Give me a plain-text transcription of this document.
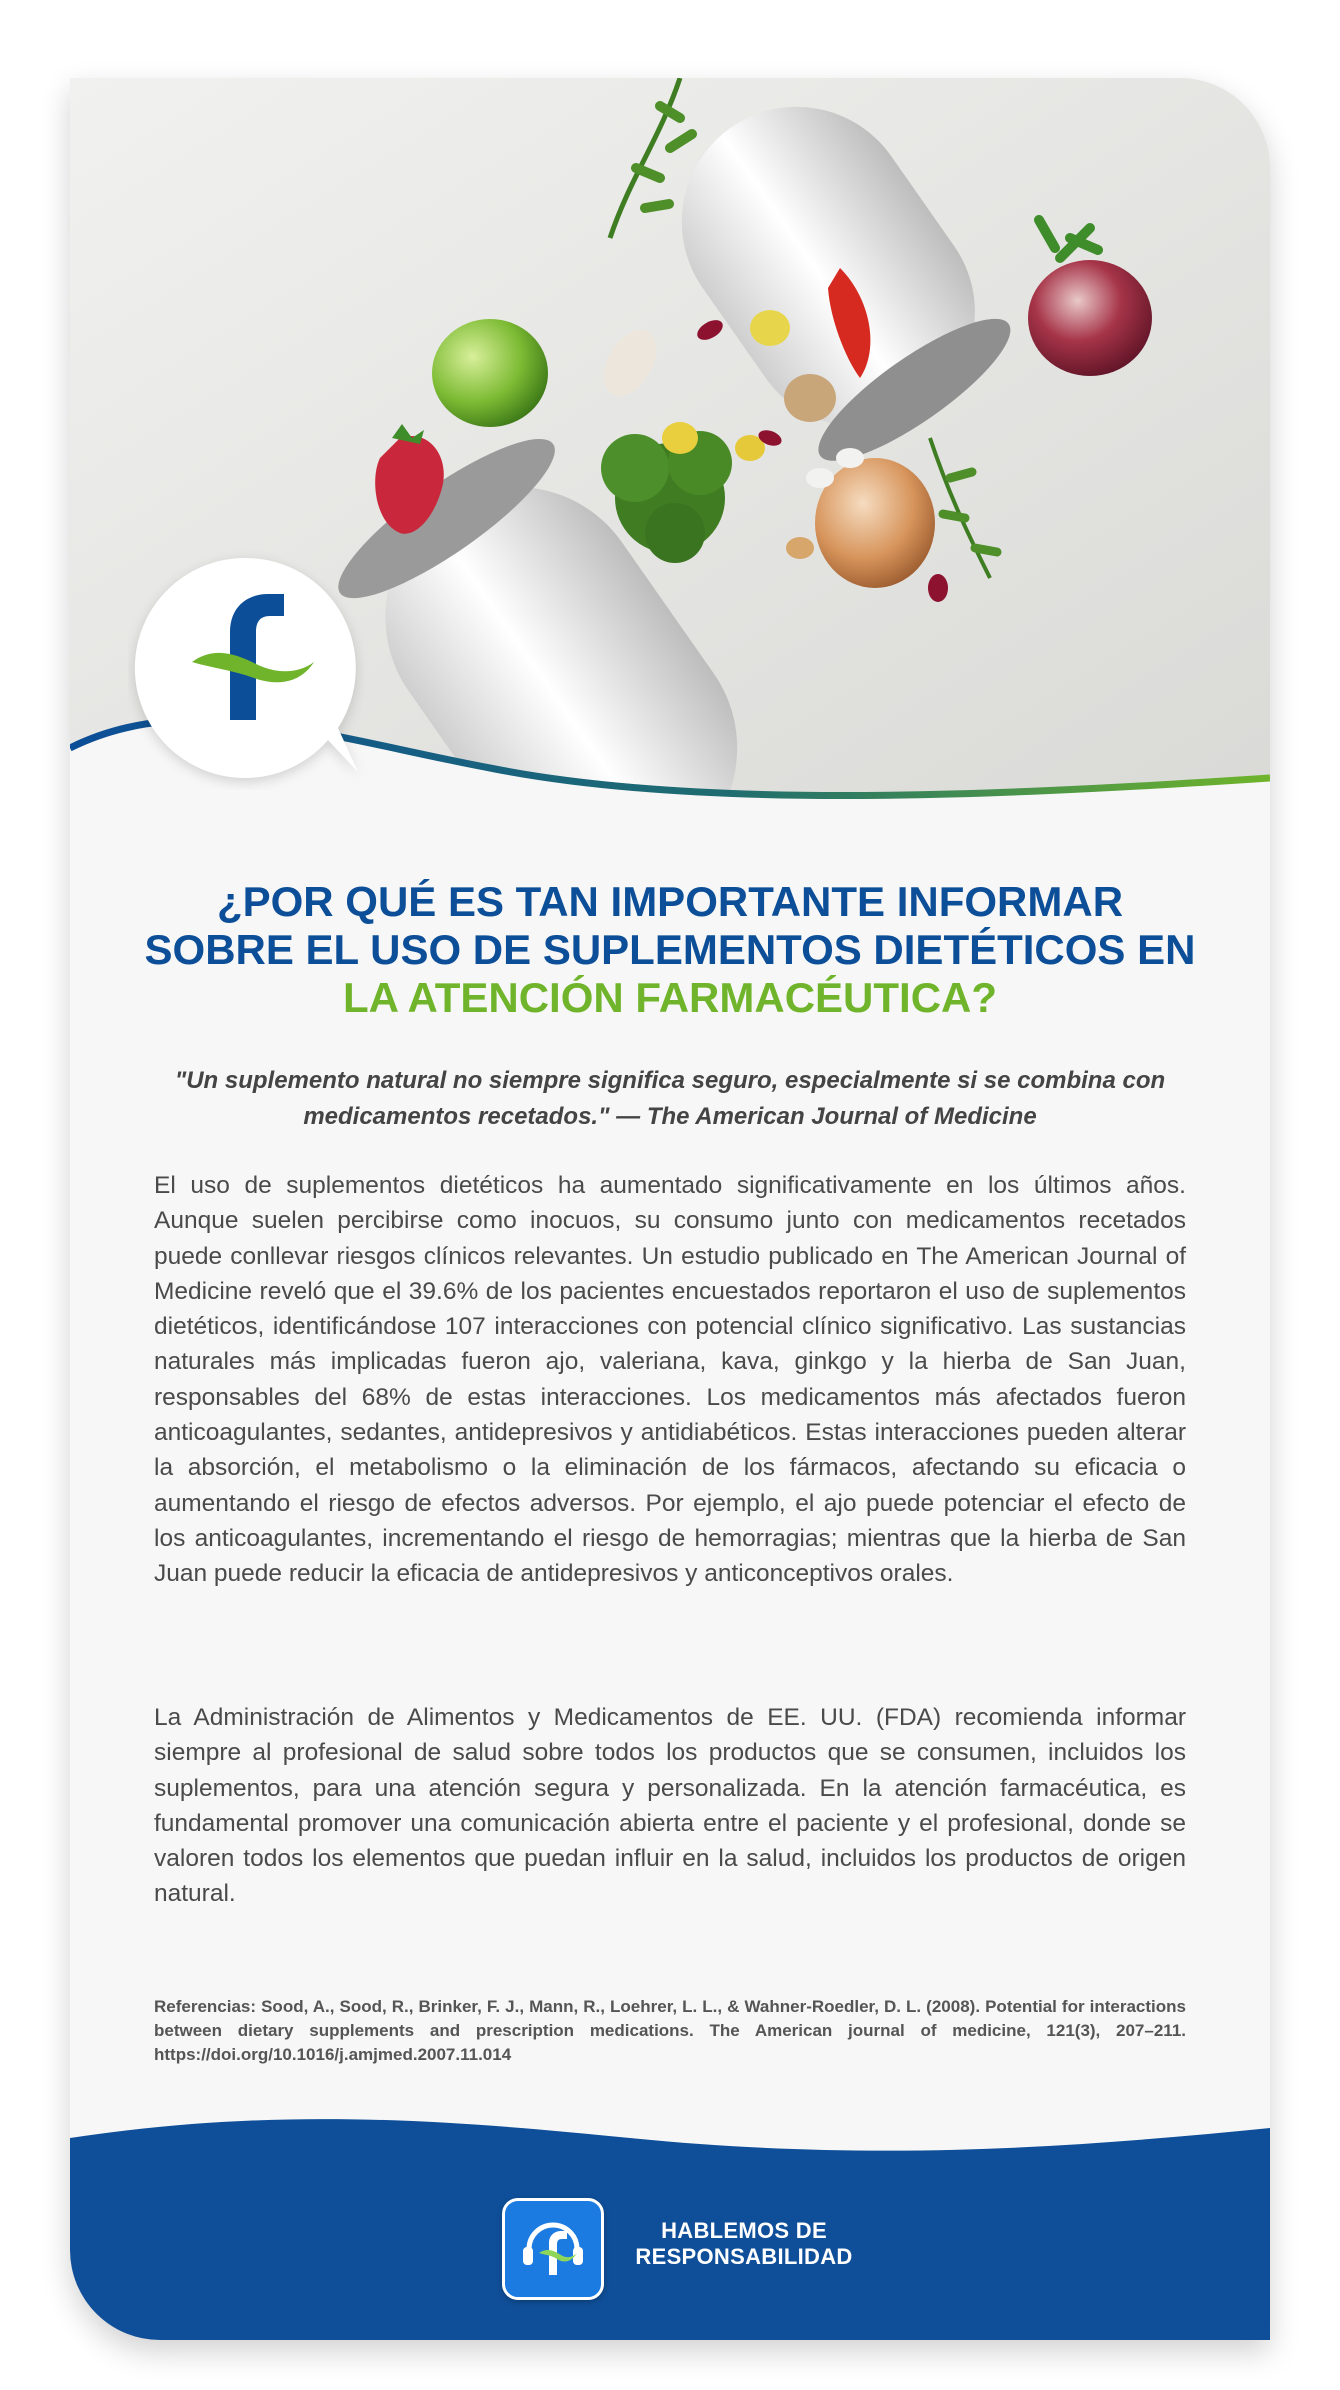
¿POR QUÉ ES TAN IMPORTANTE INFORMAR
SOBRE EL USO DE SUPLEMENTOS DIETÉTICOS EN
LA ATENCIÓN FARMACÉUTICA?
"Un suplemento natural no siempre significa seguro, especialmente si se combina con medicamentos recetados." — The American Journal of Medicine

El uso de suplementos dietéticos ha aumentado significativamente en los últimos años. Aunque suelen percibirse como inocuos, su consumo junto con medicamentos recetados puede conllevar riesgos clínicos relevantes. Un estudio publicado en The American Journal of Medicine reveló que el 39.6% de los pacientes encuestados reportaron el uso de suplementos dietéticos, identificándose 107 interacciones con potencial clínico significativo. Las sustancias naturales más implicadas fueron ajo, valeriana, kava, ginkgo y la hierba de San Juan, responsables del 68% de estas interacciones. Los medicamentos más afectados fueron anticoagulantes, sedantes, antidepresivos y antidiabéticos. Estas interacciones pueden alterar la absorción, el metabolismo o la eliminación de los fármacos, afectando su eficacia o aumentando el riesgo de efectos adversos. Por ejemplo, el ajo puede potenciar el efecto de los anticoagulantes, incrementando el riesgo de hemorragias; mientras que la hierba de San Juan puede reducir la eficacia de antidepresivos y anticonceptivos orales.

La Administración de Alimentos y Medicamentos de EE. UU. (FDA) recomienda informar siempre al profesional de salud sobre todos los productos que se consumen, incluidos los suplementos, para una atención segura y personalizada. En la atención farmacéutica, es fundamental promover una comunicación abierta entre el paciente y el profesional, donde se valoren todos los elementos que puedan influir en la salud, incluidos los productos de origen natural.

Referencias: Sood, A., Sood, R., Brinker, F. J., Mann, R., Loehrer, L. L., & Wahner-Roedler, D. L. (2008). Potential for interactions between dietary supplements and prescription medications. The American journal of medicine, 121(3), 207–211. https://doi.org/10.1016/j.amjmed.2007.11.014
HABLEMOS DE
RESPONSABILIDAD
